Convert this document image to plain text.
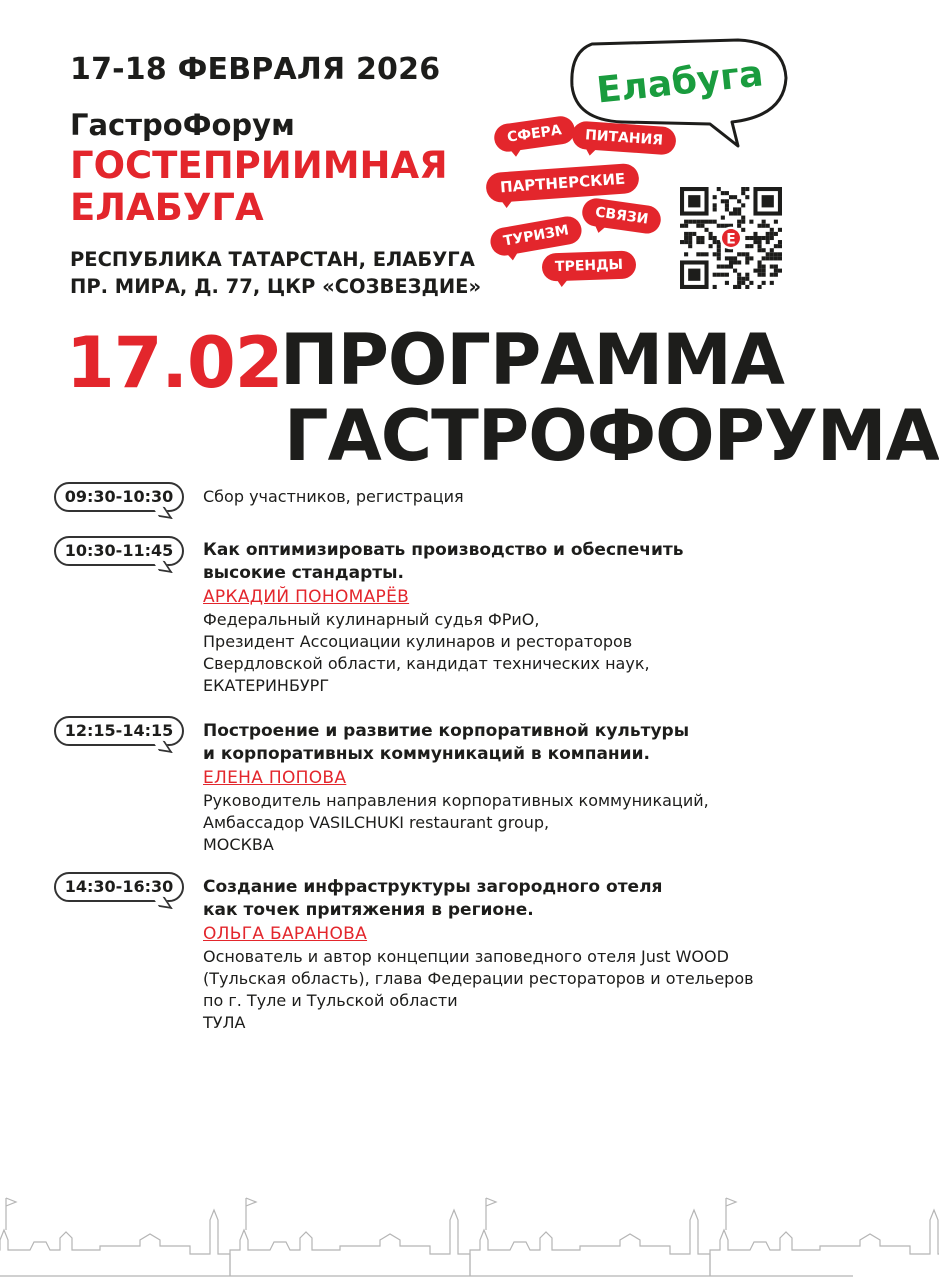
17-18 ФЕВРАЛЯ 2026
ГастроФорум
ГОСТЕПРИИМНАЯ
ЕЛАБУГА
РЕСПУБЛИКА ТАТАРСТАН, ЕЛАБУГА
ПР. МИРА, Д. 77, ЦКР «СОЗВЕЗДИЕ»
Елабуга
СФЕРА	ПИТАНИЯ
ПАРТНЕРСКИЕ
СВЯЗИ
ТУРИЗМ
ТРЕНДЫ
E
17.02
ПРОГРАММА
ГАСТРОФОРУМА
09:30-10:30	Сбор участников, регистрация
10:30-11:45	Как оптимизировать производство и обеспечить
высокие стандарты.
АРКАДИЙ ПОНОМАРЁВ
Федеральный кулинарный судья ФРиО,
Президент Ассоциации кулинаров и рестораторов
Свердловской области, кандидат технических наук,
ЕКАТЕРИНБУРГ
12:15-14:15	Построение и развитие корпоративной культуры
и корпоративных коммуникаций в компании.
ЕЛЕНА ПОПОВА
Руководитель направления корпоративных коммуникаций,
Амбассадор VASILCHUKI restaurant group,
МОСКВА
14:30-16:30	Создание инфраструктуры загородного отеля
как точек притяжения в регионе.
ОЛЬГА БАРАНОВА
Основатель и автор концепции заповедного отеля Just WOOD
(Тульская область), глава Федерации рестораторов и отельеров
по г. Туле и Тульской области
ТУЛА
